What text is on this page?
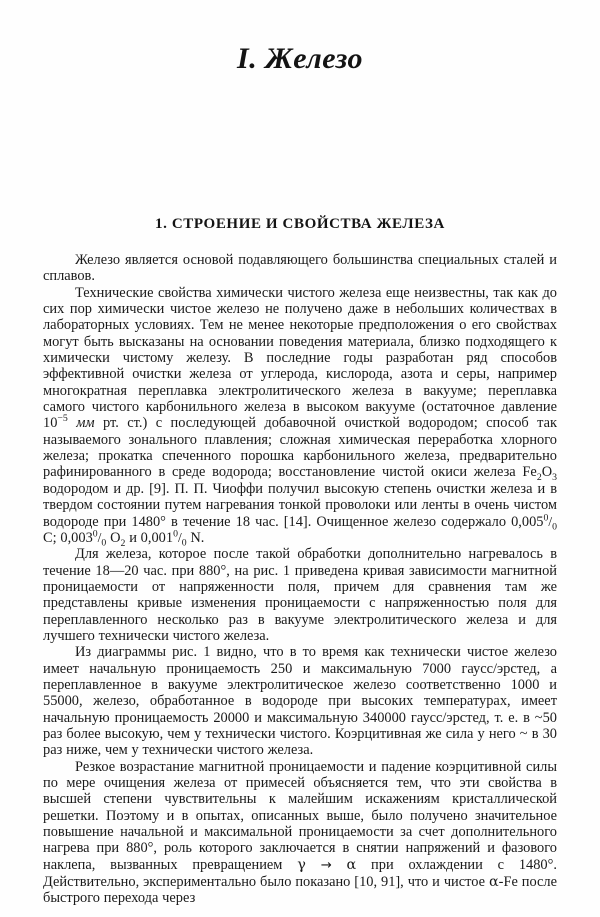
I. Железо
1. СТРОЕНИЕ И СВОЙСТВА ЖЕЛЕЗА

Железо является основой подавляющего большинства специальных сталей и сплавов.

Технические свойства химически чистого железа еще неизвестны, так как до сих пор химически чистое железо не получено даже в небольших количествах в лабораторных условиях. Тем не менее некоторые предположения о его свойствах могут быть высказаны на основании поведения материала, близко подходящего к химически чистому железу. В последние годы разработан ряд способов эффективной очистки железа от углерода, кислорода, азота и серы, например многократная переплавка электролитического железа в вакууме; переплавка самого чистого карбонильного железа в высоком вакууме (остаточное давление $10^{-5}$ мм рт. ст.) с последующей добавочной очисткой водородом; способ так называемого зонального плавления; сложная химическая переработка хлорного железа; прокатка спеченного порошка карбонильного железа, предварительно рафинированного в среде водорода; восстановление чистой окиси железа $Fe_2O_3$ водородом и др. [9]. П. П. Чиоффи получил высокую степень очистки железа и в твердом состоянии путем нагревания тонкой проволоки или ленты в очень чистом водороде при 1480° в течение 18 час. [14]. Очищенное железо содержало $0,005^0/_0$ C; $0,003^0/_0$ $O_2$ и $0,001^0/_0$ N.

Для железа, которое после такой обработки дополнительно нагревалось в течение 18—20 час. при 880°, на рис. 1 приведена кривая зависимости магнитной проницаемости от напряженности поля, причем для сравнения там же представлены кривые изменения проницаемости с напряженностью поля для переплавленного несколько раз в вакууме электролитического железа и для лучшего технически чистого железа.

Из диаграммы рис. 1 видно, что в то время как технически чистое железо имеет начальную проницаемость 250 и максимальную 7000 гаусс/эрстед, а переплавленное в вакууме электролитическое железо соответственно 1000 и 55000, железо, обработанное в водороде при высоких температурах, имеет начальную проницаемость 20000 и максимальную 340000 гаусс/эрстед, т. е. в ~50 раз более высокую, чем у технически чистого. Коэрцитивная же сила у него ~ в 30 раз ниже, чем у технически чистого железа.

Резкое возрастание магнитной проницаемости и падение коэрцитивной силы по мере очищения железа от примесей объясняется тем, что эти свойства в высшей степени чувствительны к малейшим искажениям кристаллической решетки. Поэтому и в опытах, описанных выше, было получено значительное повышение начальной и максимальной проницаемости за счет дополнительного нагрева при 880°, роль которого заключается в снятии напряжений и фазового наклепа, вызванных превращением γ → α при охлаждении с 1480°. Действительно, экспериментально было показано [10, 91], что и чистое α-Fe после быстрого перехода через
